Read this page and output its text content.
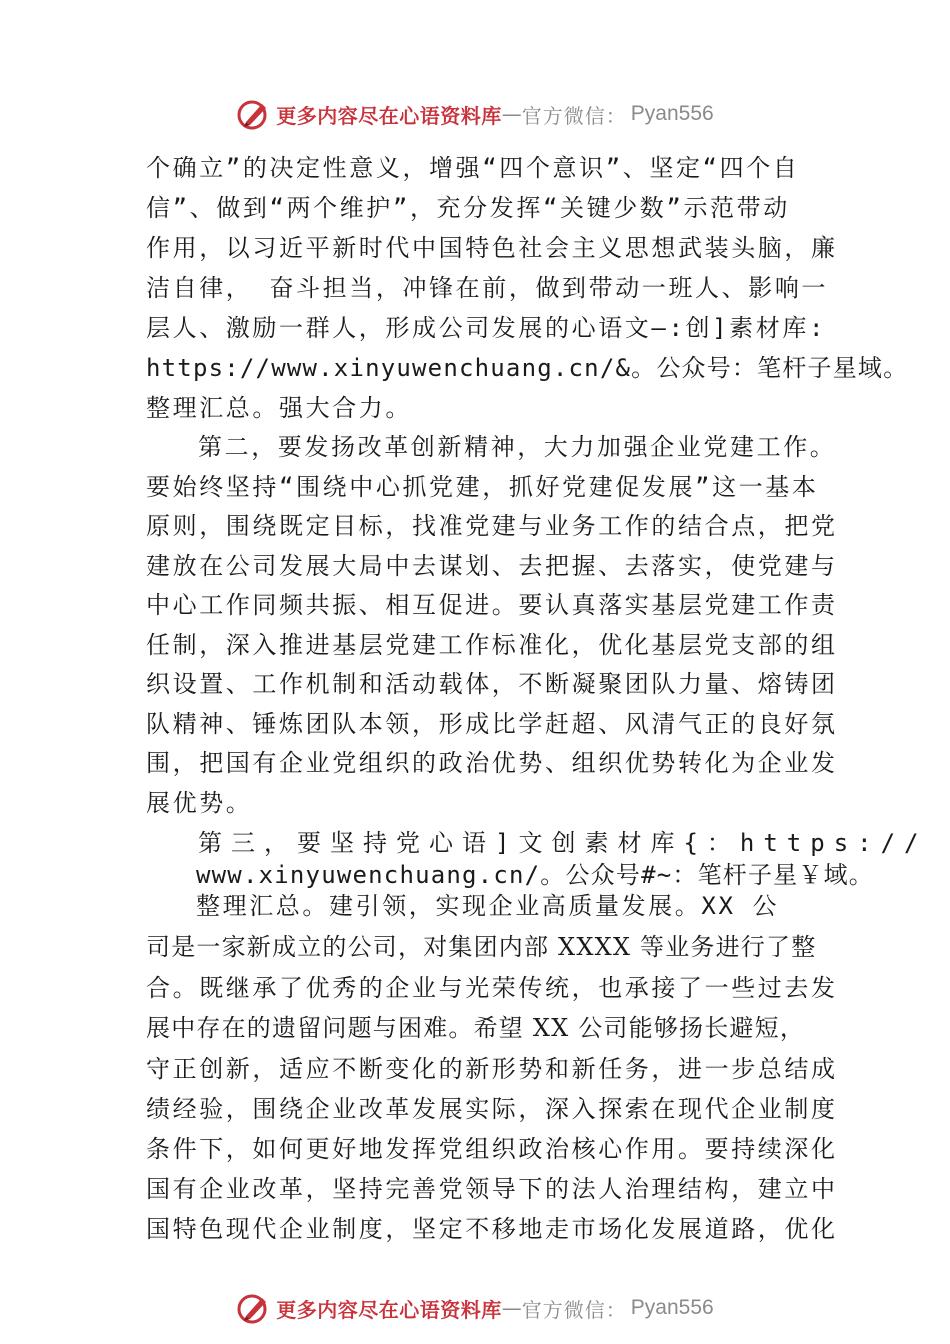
更多内容尽在心语资料库 — 官方微信： Pyan556
个确立”的决定性意义，增强“四个意识”、坚定“四个自
信”、做到“两个维护”，充分发挥“关键少数”示范带动
作用，以习近平新时代中国特色社会主义思想武装头脑，廉
洁自律， 奋斗担当，冲锋在前，做到带动一班人、影响一
层人、激励一群人，形成公司发展的心语文—:创]素材库:
https://www.xinyuwenchuang.cn/&。公众号：笔杆子星域。
整理汇总。强大合力。
第二，要发扬改革创新精神，大力加强企业党建工作。
要始终坚持“围绕中心抓党建，抓好党建促发展”这一基本
原则，围绕既定目标，找准党建与业务工作的结合点，把党
建放在公司发展大局中去谋划、去把握、去落实，使党建与
中心工作同频共振、相互促进。要认真落实基层党建工作责
任制，深入推进基层党建工作标准化，优化基层党支部的组
织设置、工作机制和活动载体，不断凝聚团队力量、熔铸团
队精神、锤炼团队本领，形成比学赶超、风清气正的良好氛
围，把国有企业党组织的政治优势、组织优势转化为企业发
展优势。
第三，要坚持党心语]文创素材库{：https://
www.xinyuwenchuang.cn/。公众号#~：笔杆子星￥域。
整理汇总。建引领，实现企业高质量发展。XX 公
司是一家新成立的公司，对集团内部 XXXX 等业务进行了整
合。既继承了优秀的企业与光荣传统，也承接了一些过去发
展中存在的遗留问题与困难。希望 XX 公司能够扬长避短，
守正创新，适应不断变化的新形势和新任务，进一步总结成
绩经验，围绕企业改革发展实际，深入探索在现代企业制度
条件下，如何更好地发挥党组织政治核心作用。要持续深化
国有企业改革，坚持完善党领导下的法人治理结构，建立中
国特色现代企业制度，坚定不移地走市场化发展道路，优化
更多内容尽在心语资料库 — 官方微信： Pyan556
